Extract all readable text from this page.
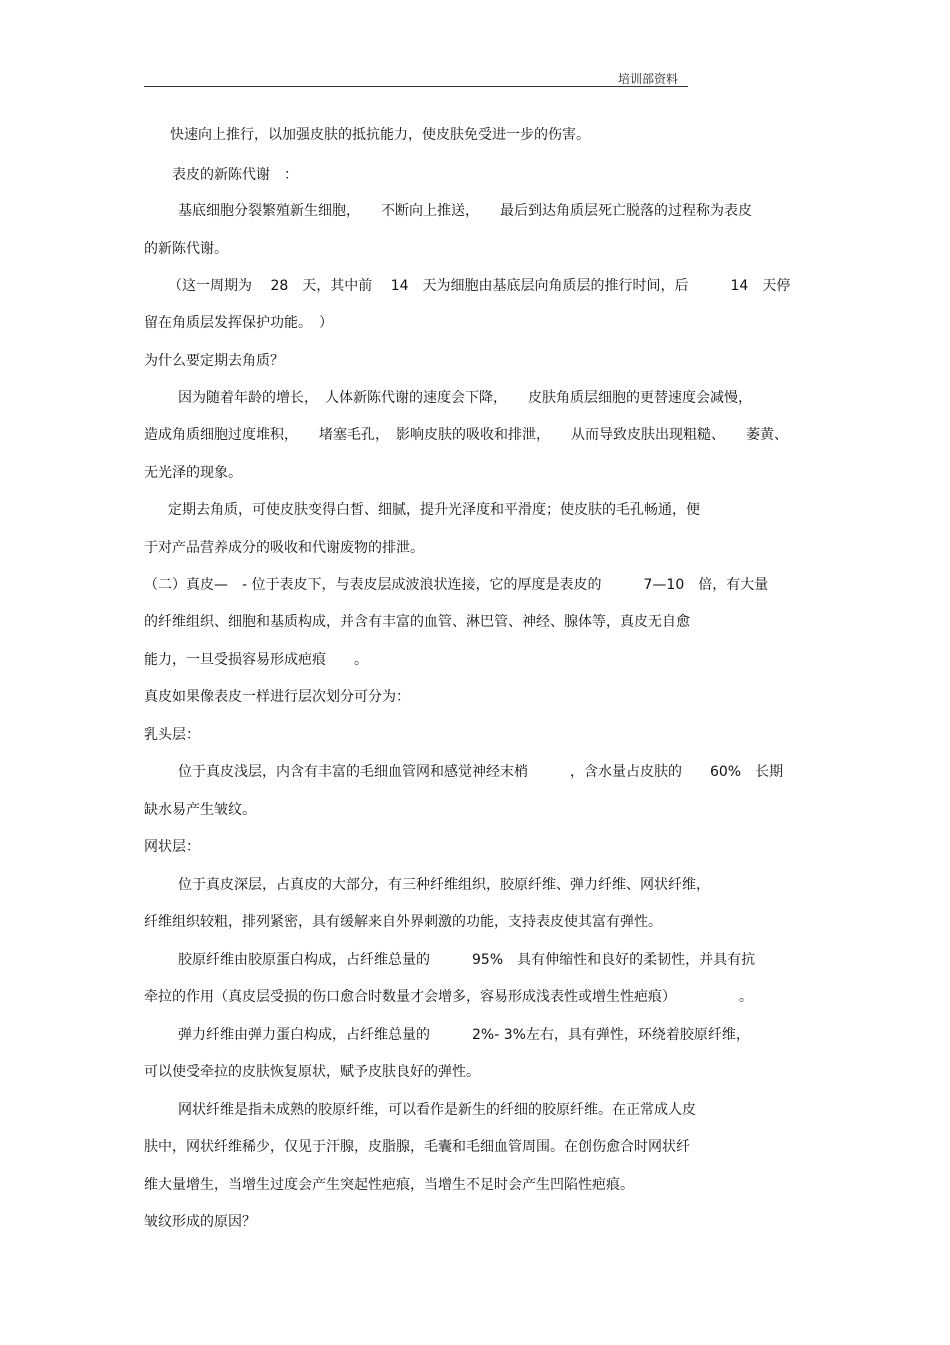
培训部资料
快速向上推行，以加强皮肤的抵抗能力，使皮肤免受进一步的伤害。
表皮的新陈代谢　：
基底细胞分裂繁殖新生细胞，　　不断向上推送，　　最后到达角质层死亡脱落的过程称为表皮
的新陈代谢。
（这一周期为　 28　天，其中前　 14　天为细胞由基底层向角质层的推行时间，后　　　14　天停
留在角质层发挥保护功能。　）
为什么要定期去角质？
因为随着年龄的增长，　人体新陈代谢的速度会下降，　　皮肤角质层细胞的更替速度会减慢，
造成角质细胞过度堆积，　　堵塞毛孔，　影响皮肤的吸收和排泄，　　从而导致皮肤出现粗糙、　　萎黄、
无光泽的现象。
定期去角质，可使皮肤变得白皙、细腻，提升光泽度和平滑度；使皮肤的毛孔畅通，便
于对产品营养成分的吸收和代谢废物的排泄。
（二）真皮—　- 位于表皮下，与表皮层成波浪状连接，它的厚度是表皮的　　　7—10　倍，有大量
的纤维组织、细胞和基质构成，并含有丰富的血管、淋巴管、神经、腺体等，真皮无自愈
能力，一旦受损容易形成疤痕　　。
真皮如果像表皮一样进行层次划分可分为：
乳头层：
位于真皮浅层，内含有丰富的毛细血管网和感觉神经末梢　　　，含水量占皮肤的　　60%　长期
缺水易产生皱纹。
网状层：
位于真皮深层，占真皮的大部分，有三种纤维组织，胶原纤维、弹力纤维、网状纤维，
纤维组织较粗，排列紧密，具有缓解来自外界刺激的功能，支持表皮使其富有弹性。
胶原纤维由胶原蛋白构成，占纤维总量的　　　95%　具有伸缩性和良好的柔韧性，并具有抗
牵拉的作用（真皮层受损的伤口愈合时数量才会增多，容易形成浅表性或增生性疤痕）　　　　　。
弹力纤维由弹力蛋白构成，占纤维总量的　　　2%- 3%左右，具有弹性，环绕着胶原纤维，
可以使受牵拉的皮肤恢复原状，赋予皮肤良好的弹性。
网状纤维是指未成熟的胶原纤维，可以看作是新生的纤细的胶原纤维。在正常成人皮
肤中，网状纤维稀少，仅见于汗腺，皮脂腺，毛囊和毛细血管周围。在创伤愈合时网状纤
维大量增生，当增生过度会产生突起性疤痕，当增生不足时会产生凹陷性疤痕。
皱纹形成的原因？
